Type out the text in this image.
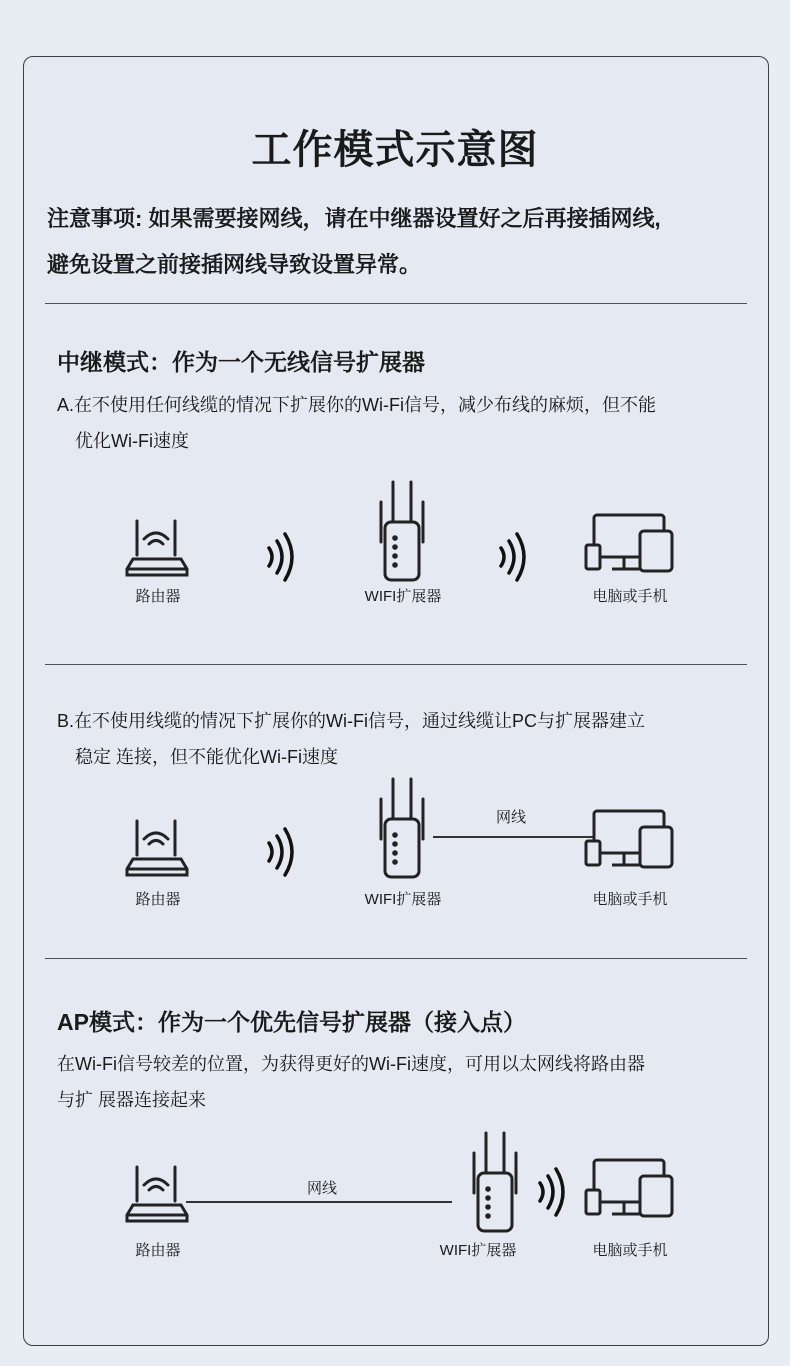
工作模式示意图
注意事项: 如果需要接网线，请在中继器设置好之后再接插网线,
避免设置之前接插网线导致设置异常。
中继模式：作为一个无线信号扩展器
A.在不使用任何线缆的情况下扩展你的Wi-Fi信号，减少布线的麻烦，但不能
优化Wi-Fi速度
路由器	WIFI扩展器	电脑或手机
B.在不使用线缆的情况下扩展你的Wi-Fi信号，通过线缆让PC与扩展器建立
稳定 连接，但不能优化Wi-Fi速度
路由器	WIFI扩展器
网线
电脑或手机
AP模式：作为一个优先信号扩展器（接入点）
在Wi-Fi信号较差的位置，为获得更好的Wi-Fi速度，可用以太网线将路由器
与扩 展器连接起来
路由器
网线
WIFI扩展器	电脑或手机
